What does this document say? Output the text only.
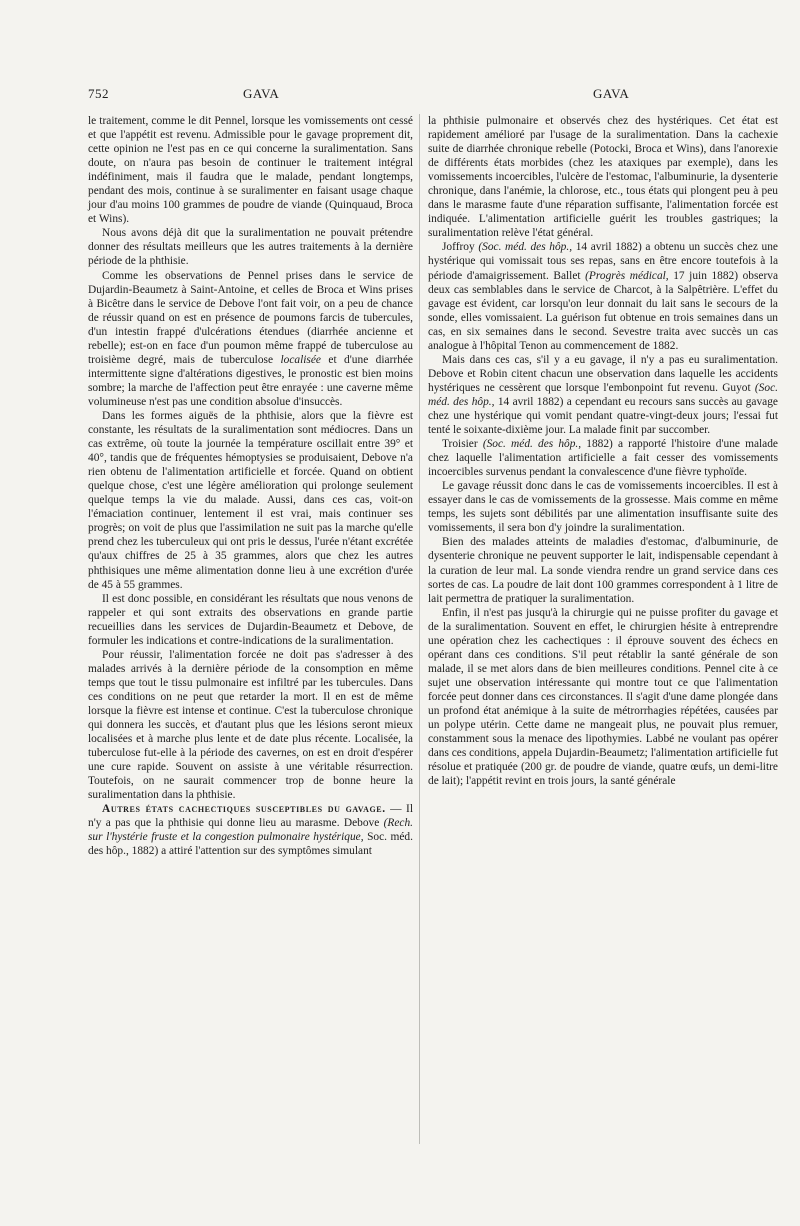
752	GAVA	GAVA

le traitement, comme le dit Pennel, lorsque les vomissements ont cessé et que l'appétit est revenu. Admissible pour le gavage proprement dit, cette opinion ne l'est pas en ce qui concerne la suralimentation. Sans doute, on n'aura pas besoin de continuer le traitement intégral indéfiniment, mais il faudra que le malade, pendant longtemps, pendant des mois, continue à se suralimenter en faisant usage chaque jour d'au moins 100 grammes de poudre de viande (Quinquaud, Broca et Wins).

Nous avons déjà dit que la suralimentation ne pouvait prétendre donner des résultats meilleurs que les autres traitements à la dernière période de la phthisie.

Comme les observations de Pennel prises dans le service de Dujardin-Beaumetz à Saint-Antoine, et celles de Broca et Wins prises à Bicêtre dans le service de Debove l'ont fait voir, on a peu de chance de réussir quand on est en présence de poumons farcis de tubercules, d'un intestin frappé d'ulcérations étendues (diarrhée ancienne et rebelle); est-on en face d'un poumon même frappé de tuberculose au troisième degré, mais de tuberculose localisée et d'une diarrhée intermittente signe d'altérations digestives, le pronostic est bien moins sombre; la marche de l'affection peut être enrayée : une caverne même volumineuse n'est pas une condition absolue d'insuccès.

Dans les formes aiguës de la phthisie, alors que la fièvre est constante, les résultats de la suralimentation sont médiocres. Dans un cas extrême, où toute la journée la température oscillait entre 39° et 40°, tandis que de fréquentes hémoptysies se produisaient, Debove n'a rien obtenu de l'alimentation artificielle et forcée. Quand on obtient quelque chose, c'est une légère amélioration qui prolonge seulement quelque temps la vie du malade. Aussi, dans ces cas, voit-on l'émaciation continuer, lentement il est vrai, mais continuer ses progrès; on voit de plus que l'assimilation ne suit pas la marche qu'elle prend chez les tuberculeux qui ont pris le dessus, l'urée n'étant excrétée qu'aux chiffres de 25 à 35 grammes, alors que chez les autres phthisiques une même alimentation donne lieu à une excrétion d'urée de 45 à 55 grammes.

Il est donc possible, en considérant les résultats que nous venons de rappeler et qui sont extraits des observations en grande partie recueillies dans les services de Dujardin-Beaumetz et Debove, de formuler les indications et contre-indications de la suralimentation.

Pour réussir, l'alimentation forcée ne doit pas s'adresser à des malades arrivés à la dernière période de la consomption en même temps que tout le tissu pulmonaire est infiltré par les tubercules. Dans ces conditions on ne peut que retarder la mort. Il en est de même lorsque la fièvre est intense et continue. C'est la tuberculose chronique qui donnera les succès, et d'autant plus que les lésions seront mieux localisées et à marche plus lente et de date plus récente. Localisée, la tuberculose fut-elle à la période des cavernes, on est en droit d'espérer une cure rapide. Souvent on assiste à une véritable résurrection. Toutefois, on ne saurait commencer trop de bonne heure la suralimentation dans la phthisie.

Autres états cachectiques susceptibles du gavage. — Il n'y a pas que la phthisie qui donne lieu au marasme. Debove (Rech. sur l'hystérie fruste et la congestion pulmonaire hystérique, Soc. méd. des hôp., 1882) a attiré l'attention sur des symptômes simulant

la phthisie pulmonaire et observés chez des hystériques. Cet état est rapidement amélioré par l'usage de la suralimentation. Dans la cachexie suite de diarrhée chronique rebelle (Potocki, Broca et Wins), dans l'anorexie de différents états morbides (chez les ataxiques par exemple), dans les vomissements incoercibles, l'ulcère de l'estomac, l'albuminurie, la dysenterie chronique, dans l'anémie, la chlorose, etc., tous états qui plongent peu à peu dans le marasme faute d'une réparation suffisante, l'alimentation forcée est indiquée. L'alimentation artificielle guérit les troubles gastriques; la suralimentation relève l'état général.

Joffroy (Soc. méd. des hôp., 14 avril 1882) a obtenu un succès chez une hystérique qui vomissait tous ses repas, sans en être encore toutefois à la période d'amaigrissement. Ballet (Progrès médical, 17 juin 1882) observa deux cas semblables dans le service de Charcot, à la Salpêtrière. L'effet du gavage est évident, car lorsqu'on leur donnait du lait sans le secours de la sonde, elles vomissaient. La guérison fut obtenue en trois semaines dans un cas, en six semaines dans le second. Sevestre traita avec succès un cas analogue à l'hôpital Tenon au commencement de 1882.

Mais dans ces cas, s'il y a eu gavage, il n'y a pas eu suralimentation. Debove et Robin citent chacun une observation dans laquelle les accidents hystériques ne cessèrent que lorsque l'embonpoint fut revenu. Guyot (Soc. méd. des hôp., 14 avril 1882) a cependant eu recours sans succès au gavage chez une hystérique qui vomit pendant quatre-vingt-deux jours; l'essai fut tenté le soixante-dixième jour. La malade finit par succomber.

Troisier (Soc. méd. des hôp., 1882) a rapporté l'histoire d'une malade chez laquelle l'alimentation artificielle a fait cesser des vomissements incoercibles survenus pendant la convalescence d'une fièvre typhoïde.

Le gavage réussit donc dans le cas de vomissements incoercibles. Il est à essayer dans le cas de vomissements de la grossesse. Mais comme en même temps, les sujets sont débilités par une alimentation insuffisante suite des vomissements, il sera bon d'y joindre la suralimentation.

Bien des malades atteints de maladies d'estomac, d'albuminurie, de dysenterie chronique ne peuvent supporter le lait, indispensable cependant à la curation de leur mal. La sonde viendra rendre un grand service dans ces sortes de cas. La poudre de lait dont 100 grammes correspondent à 1 litre de lait permettra de pratiquer la suralimentation.

Enfin, il n'est pas jusqu'à la chirurgie qui ne puisse profiter du gavage et de la suralimentation. Souvent en effet, le chirurgien hésite à entreprendre une opération chez les cachectiques : il éprouve souvent des échecs en opérant dans ces conditions. S'il peut rétablir la santé générale de son malade, il se met alors dans de bien meilleures conditions. Pennel cite à ce sujet une observation intéressante qui montre tout ce que l'alimentation forcée peut donner dans ces circonstances. Il s'agit d'une dame plongée dans un profond état anémique à la suite de métrorrhagies répétées, causées par un polype utérin. Cette dame ne mangeait plus, ne pouvait plus remuer, constamment sous la menace des lipothymies. Labbé ne voulant pas opérer dans ces conditions, appela Dujardin-Beaumetz; l'alimentation artificielle fut résolue et pratiquée (200 gr. de poudre de viande, quatre œufs, un demi-litre de lait); l'appétit revint en trois jours, la santé générale
